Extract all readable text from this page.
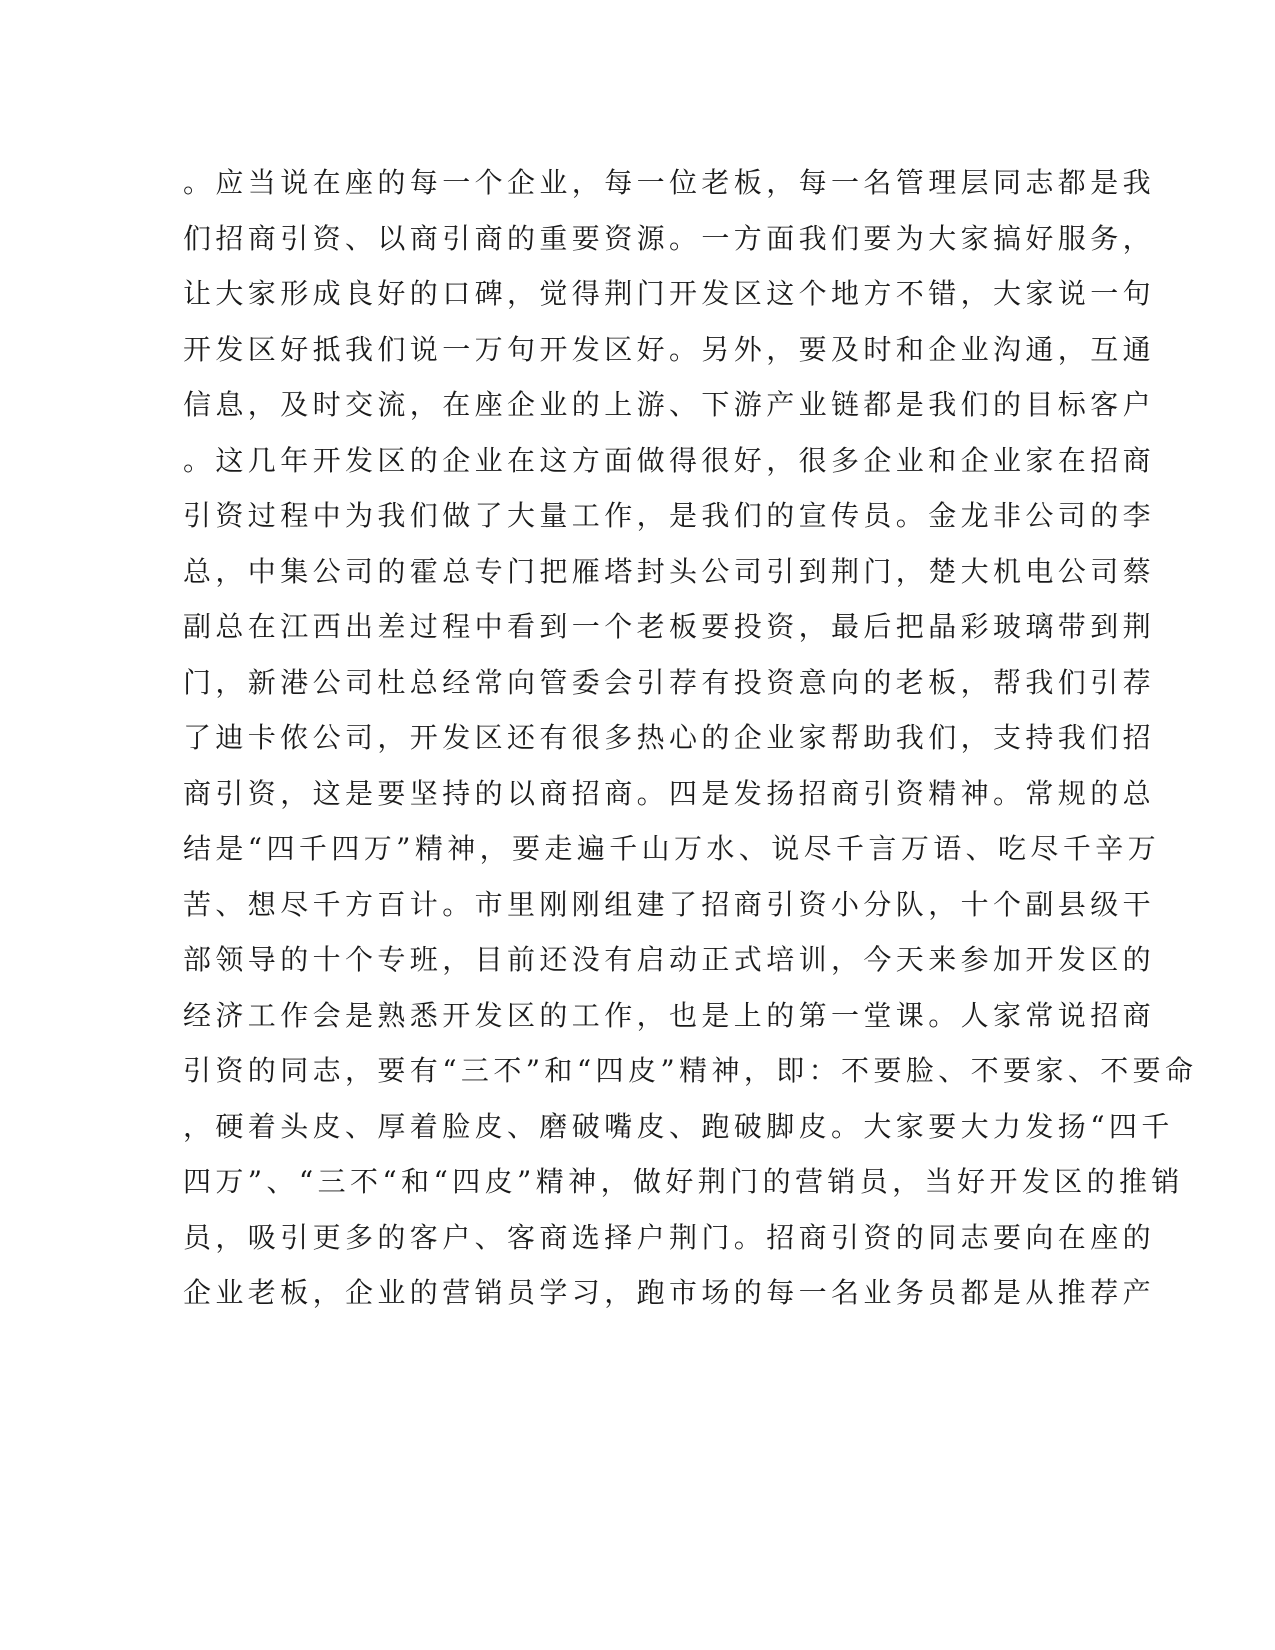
。应当说在座的每一个企业，每一位老板，每一名管理层同志都是我
们招商引资、以商引商的重要资源。一方面我们要为大家搞好服务，
让大家形成良好的口碑，觉得荆门开发区这个地方不错，大家说一句
开发区好抵我们说一万句开发区好。另外，要及时和企业沟通，互通
信息，及时交流，在座企业的上游、下游产业链都是我们的目标客户
。这几年开发区的企业在这方面做得很好，很多企业和企业家在招商
引资过程中为我们做了大量工作，是我们的宣传员。金龙非公司的李
总，中集公司的霍总专门把雁塔封头公司引到荆门，楚大机电公司蔡
副总在江西出差过程中看到一个老板要投资，最后把晶彩玻璃带到荆
门，新港公司杜总经常向管委会引荐有投资意向的老板，帮我们引荐
了迪卡侬公司，开发区还有很多热心的企业家帮助我们，支持我们招
商引资，这是要坚持的以商招商。四是发扬招商引资精神。常规的总
结是“四千四万”精神，要走遍千山万水、说尽千言万语、吃尽千辛万
苦、想尽千方百计。市里刚刚组建了招商引资小分队，十个副县级干
部领导的十个专班，目前还没有启动正式培训，今天来参加开发区的
经济工作会是熟悉开发区的工作，也是上的第一堂课。人家常说招商
引资的同志，要有“三不”和“四皮”精神，即：不要脸、不要家、不要命
，硬着头皮、厚着脸皮、磨破嘴皮、跑破脚皮。大家要大力发扬“四千
四万”、“三不“和“四皮”精神，做好荆门的营销员，当好开发区的推销
员，吸引更多的客户、客商选择户荆门。招商引资的同志要向在座的
企业老板，企业的营销员学习，跑市场的每一名业务员都是从推荐产
